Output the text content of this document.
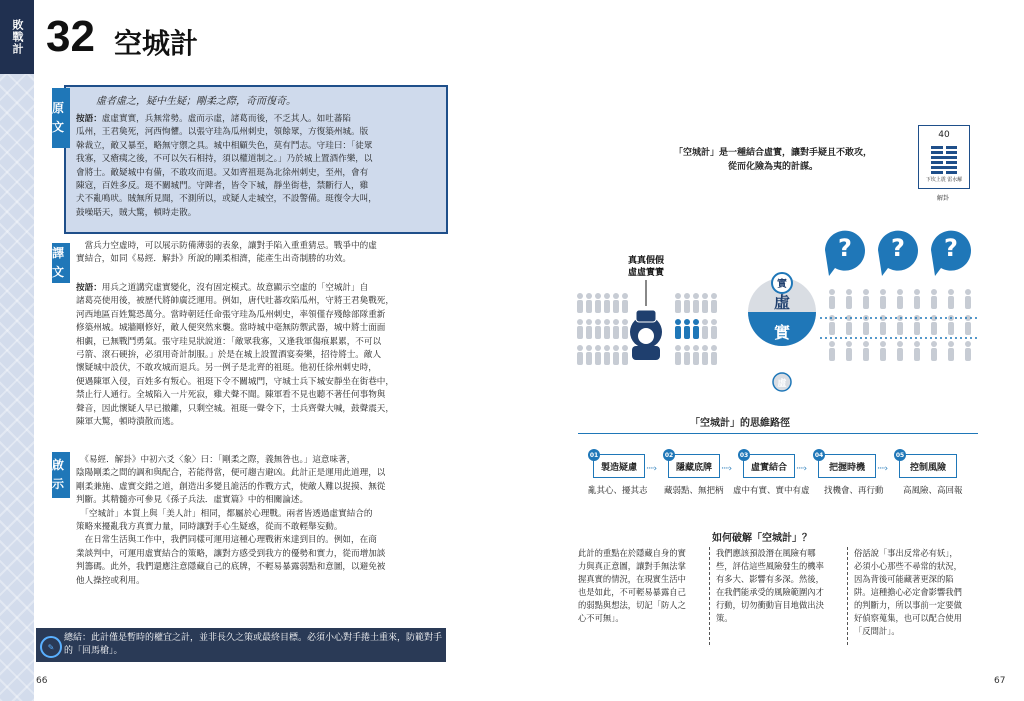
敗戰計 32 空城計
原文
虛者虛之，疑中生疑；剛柔之際，奇而復奇。
按語：虛虛實實，兵無常勢。虛而示虛，諸葛而後，不乏其人。如吐蕃陷
瓜州，王君㚟死，河西恂懼。以張守珪為瓜州刺史，領餘眾，方復築州城。版
榦裁立，敵又暴至，略無守禦之具。城中相顧失色，莫有鬥志。守珪曰：「徒眾
我寡，又瘡痍之後，不可以矢石相持，須以權道制之。」乃於城上置酒作樂，以
會將士。敵疑城中有備，不敢攻而退。又如齊祖珽為北徐州刺史，至州，會有
陳寇，百姓多反。珽不關城門。守陴者，皆令下城，靜坐街巷，禁斷行人，雞
犬不亂鳴吠。賊無所見聞，不測所以，或疑人走城空，不設警備。珽復令大叫，
鼓噪聒天，賊大驚，頓時走散。
譯文
　當兵力空虛時，可以展示防備薄弱的表象，讓對手陷入重重猜忌。戰爭中的虛
實結合，如同《易經．解卦》所說的剛柔相濟，能產生出奇制勝的功效。
按語：用兵之道講究虛實變化，沒有固定模式。故意顯示空虛的「空城計」自
諸葛亮使用後，被歷代將帥廣泛運用。例如，唐代吐蕃攻陷瓜州，守將王君㚟戰死，
河西地區百姓驚恐萬分。當時朝廷任命張守珪為瓜州刺史，率領僅存殘餘部隊重新
修築州城。城牆剛修好，敵人便突然來襲。當時城中毫無防禦武器，城中將士面面
相覷，已無戰鬥勇氣。張守珪見狀說道：「敵眾我寡，又逢我軍傷痕累累，不可以
弓箭、滾石硬拚，必須用奇計制服。」於是在城上設置酒宴奏樂，招待將士。敵人
懷疑城中設伏，不敢攻城而退兵。另一例子是北齊的祖珽。他初任徐州刺史時，
便遇陳軍入侵，百姓多有叛心。祖珽下令不關城門，守城士兵下城安靜坐在街巷中，
禁止行人通行。全城陷入一片死寂，雞犬聲不聞。陳軍看不見也聽不著任何事物與
聲音，因此懷疑人早已撤離，只剩空城。祖珽一聲令下，士兵齊聲大喊，鼓聲震天，
陳軍大驚，頓時潰散而逃。
啟示
　《易經．解卦》中初六爻〈象〉曰：「剛柔之際，義無咎也。」這意味著，
陰陽剛柔之間的調和與配合，若能得當，便可趨吉避凶。此計正是運用此道理，以
剛柔兼施、虛實交錯之道，創造出多變且詭活的作戰方式，使敵人難以捉摸、無從
判斷。其精髓亦可參見《孫子兵法．虛實篇》中的相關論述。
　「空城計」本質上與「美人計」相同，都屬於心理戰。兩者皆透過虛實結合的
策略來擾亂我方真實力量，同時讓對手心生疑惑，從而不敢輕舉妄動。
　在日常生活與工作中，我們同樣可運用這種心理戰術來達到目的。例如，在商
業談判中，可運用虛實結合的策略，讓對方感受到我方的優勢和實力，從而增加談
判籌碼。此外，我們還應注意隱藏自己的底牌，不輕易暴露弱點和意圖，以避免被
他人操控或利用。
✎
總結：此計僅是暫時的權宜之計，並非長久之策或最終目標。必須小心對手捲土重來，防範對手
的「回馬槍」。
66	67
「空城計」是一種結合虛實，讓對手疑且不敢攻，
從而化險為夷的計謀。
40
下坎上震 雷水解
解卦
? ? ?
真真假假
虛虛實實
實
虛
實
虛
「空城計」的思維路徑
01
製造疑慮 ····›
02
隱藏底牌 ····›
03
虛實結合 ····›
04
把握時機 ····›
05
控制風險
亂其心、擾其志 藏弱點、無把柄 虛中有實、實中有虛 找機會、再行動 高風險、高回報
如何破解「空城計」？
此計的重點在於隱藏自身的實
力與真正意圖，讓對手無法掌
握真實的情況，在現實生活中
也是如此，不可輕易暴露自己
的弱點與想法，切記「防人之
心不可無」。
我們應該預設潛在風險有哪
些，評估這些風險發生的機率
有多大、影響有多深。然後，
在我們能承受的風險範圍內才
行動，切勿衝動盲目地做出決
策。
俗話說「事出反常必有妖」，
必須小心那些不尋常的狀況，
因為背後可能藏著更深的陷
阱。這種擔心必定會影響我們
的判斷力，所以事前一定要做
好偵察蒐集，也可以配合使用
「反間計」。
